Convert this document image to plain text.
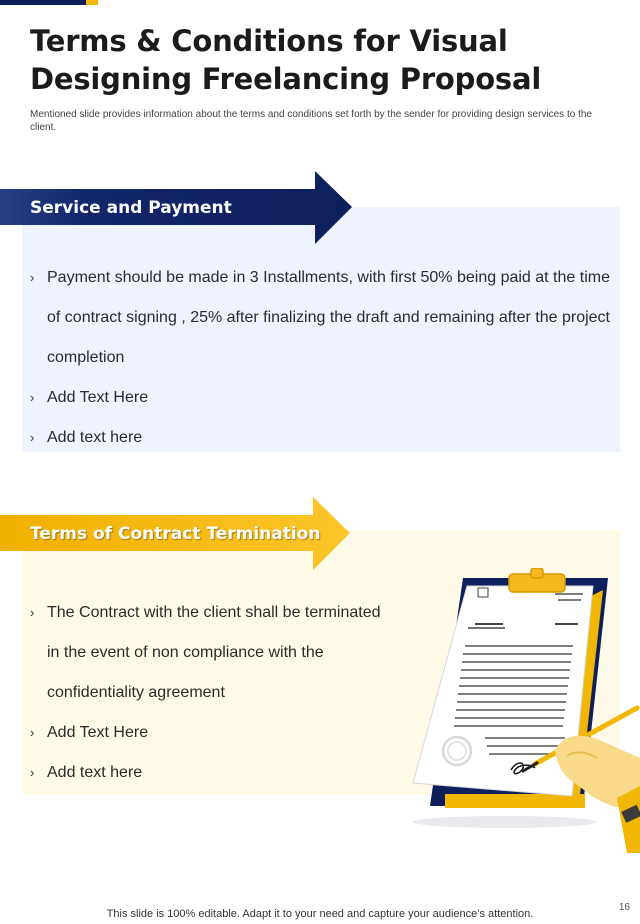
Terms & Conditions for Visual Designing Freelancing Proposal

Mentioned slide provides information about the terms and conditions set forth by the sender for providing design services to the client.

Service and Payment
› Payment should be made in 3 Installments, with first 50% being paid at the time of contract signing , 25% after finalizing the draft and remaining after the project completion
› Add Text Here
› Add text here
Terms of Contract Termination
› The Contract with the client shall be terminated in the event of non compliance with the confidentiality agreement
› Add Text Here
› Add text here
16
This slide is 100% editable. Adapt it to your need and capture your audience’s attention.
